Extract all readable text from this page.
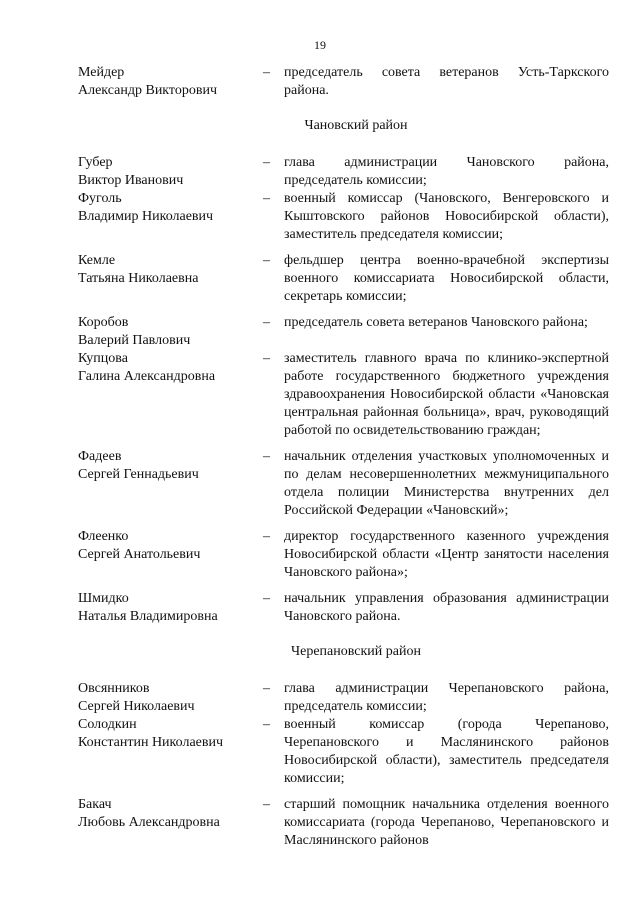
19
Мейдер
Александр Викторович
– председатель совета ветеранов Усть-Таркского района.
Чановский район
Губер
Виктор Иванович
– глава администрации Чановского района, председатель комиссии;
Фуголь
Владимир Николаевич
– военный комиссар (Чановского, Венгеровского и Кыштовского районов Новосибирской области), заместитель председателя комиссии;
Кемле
Татьяна Николаевна
– фельдшер центра военно-врачебной экспертизы военного комиссариата Новосибирской области, секретарь комиссии;
Коробов
Валерий Павлович
– председатель совета ветеранов Чановского района;
Купцова
Галина Александровна
– заместитель главного врача по клинико-экспертной работе государственного бюджетного учреждения здравоохранения Новосибирской области «Чановская центральная районная больница», врач, руководящий работой по освидетельствованию граждан;
Фадеев
Сергей Геннадьевич
– начальник отделения участковых уполномоченных и по делам несовершеннолетних межмуниципального отдела полиции Министерства внутренних дел Российской Федерации «Чановский»;
Флеенко
Сергей Анатольевич
– директор государственного казенного учреждения Новосибирской области «Центр занятости населения Чановского района»;
Шмидко
Наталья Владимировна
– начальник управления образования администрации Чановского района.
Черепановский район
Овсянников
Сергей Николаевич
– глава администрации Черепановского района, председатель комиссии;
Солодкин
Константин Николаевич
– военный комиссар (города Черепаново, Черепановского и Маслянинского районов Новосибирской области), заместитель председателя комиссии;
Бакач
Любовь Александровна
– старший помощник начальника отделения военного комиссариата (города Черепаново, Черепановского и Маслянинского районов
